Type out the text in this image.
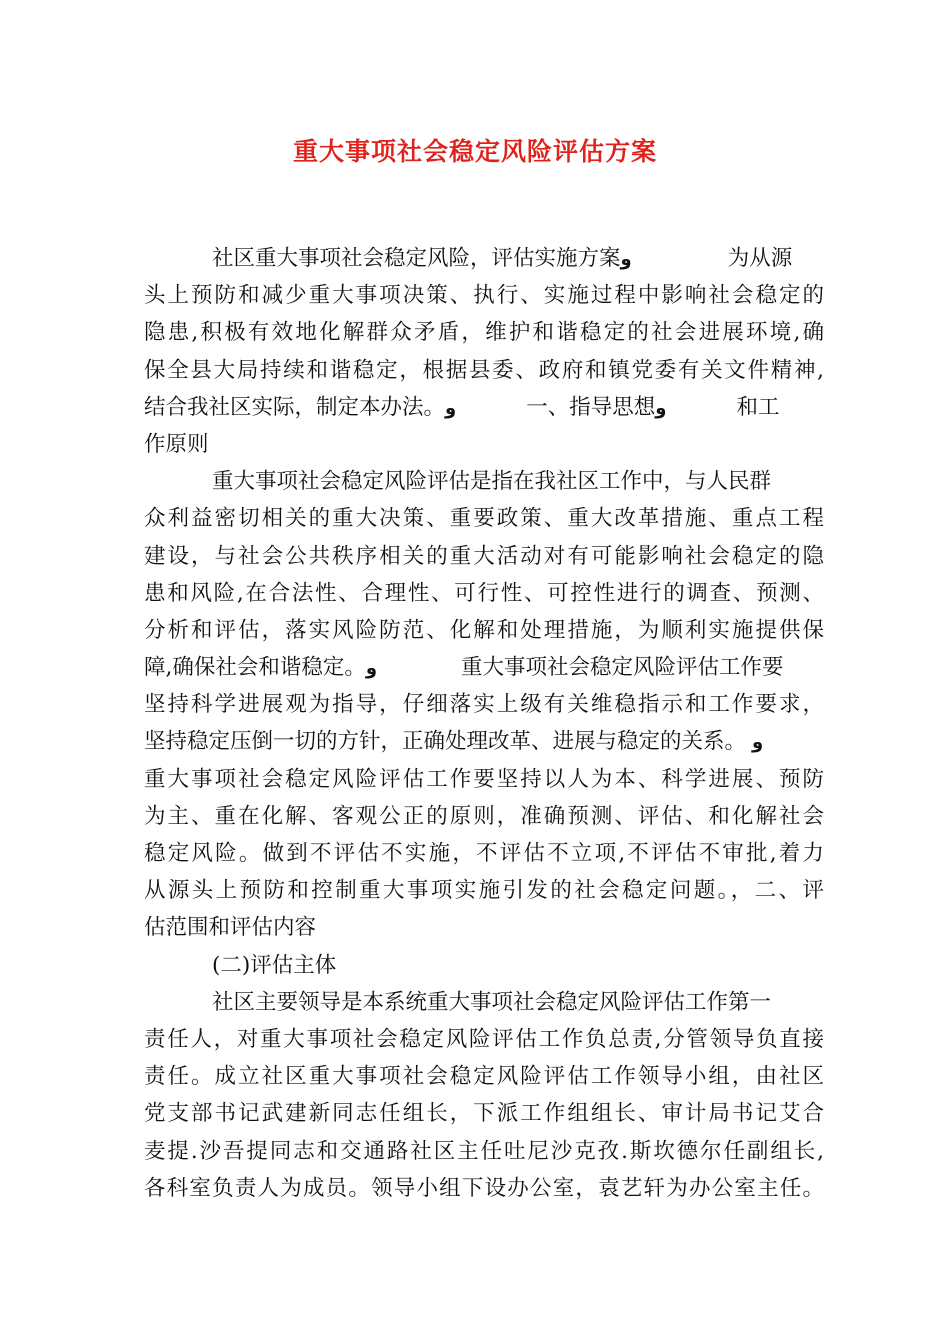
重大事项社会稳定风险评估方案
社区重大事项社会稳定风险，评估实施方案و	为从源
头上预防和减少重大事项决策、执行、实施过程中影响社会稳定的
隐患,积极有效地化解群众矛盾，维护和谐稳定的社会进展环境,确
保全县大局持续和谐稳定，根据县委、政府和镇党委有关文件精神,
结合我社区实际，制定本办法。و	一、指导思想و	和工
作原则
重大事项社会稳定风险评估是指在我社区工作中，与人民群
众利益密切相关的重大决策、重要政策、重大改革措施、重点工程
建设，与社会公共秩序相关的重大活动对有可能影响社会稳定的隐
患和风险,在合法性、合理性、可行性、可控性进行的调查、预测、
分析和评估，落实风险防范、化解和处理措施，为顺利实施提供保
障,确保社会和谐稳定。و	重大事项社会稳定风险评估工作要
坚持科学进展观为指导，仔细落实上级有关维稳指示和工作要求，
坚持稳定压倒一切的方针，正确处理改革、进展与稳定的关系。 و
重大事项社会稳定风险评估工作要坚持以人为本、科学进展、预防
为主、重在化解、客观公正的原则，准确预测、评估、和化解社会
稳定风险。做到不评估不实施，不评估不立项,不评估不审批,着力
从源头上预防和控制重大事项实施引发的社会稳定问题。，二、评
估范围和评估内容
(二)评估主体
社区主要领导是本系统重大事项社会稳定风险评估工作第一
责任人，对重大事项社会稳定风险评估工作负总责,分管领导负直接
责任。成立社区重大事项社会稳定风险评估工作领导小组，由社区
党支部书记武建新同志任组长，下派工作组组长、审计局书记艾合
麦提.沙吾提同志和交通路社区主任吐尼沙克孜.斯坎德尔任副组长,
各科室负责人为成员。领导小组下设办公室，袁艺轩为办公室主任。
